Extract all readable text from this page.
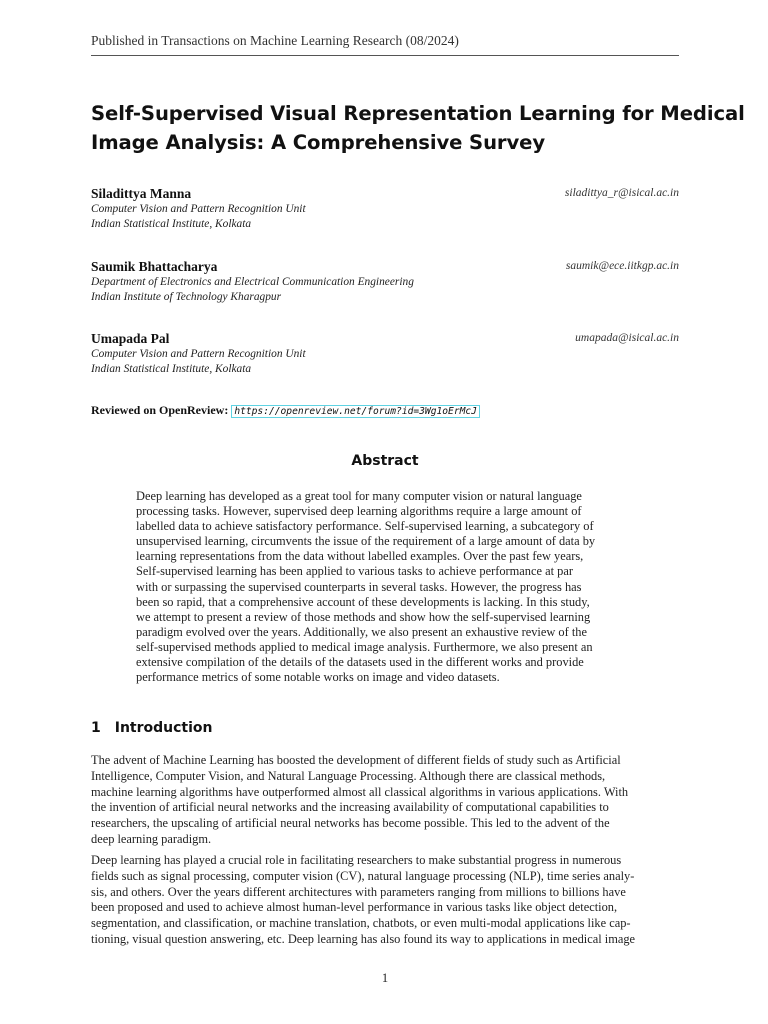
Published in Transactions on Machine Learning Research (08/2024)
Self-Supervised Visual Representation Learning for Medical
Image Analysis: A Comprehensive Survey
Siladittya Manna	siladittya_r@isical.ac.in
Computer Vision and Pattern Recognition Unit
Indian Statistical Institute, Kolkata
Saumik Bhattacharya	saumik@ece.iitkgp.ac.in
Department of Electronics and Electrical Communication Engineering
Indian Institute of Technology Kharagpur
Umapada Pal	umapada@isical.ac.in
Computer Vision and Pattern Recognition Unit
Indian Statistical Institute, Kolkata
Reviewed on OpenReview: https://openreview.net/forum?id=3Wg1oErMcJ
Abstract
Deep learning has developed as a great tool for many computer vision or natural language
processing tasks. However, supervised deep learning algorithms require a large amount of
labelled data to achieve satisfactory performance. Self-supervised learning, a subcategory of
unsupervised learning, circumvents the issue of the requirement of a large amount of data by
learning representations from the data without labelled examples. Over the past few years,
Self-supervised learning has been applied to various tasks to achieve performance at par
with or surpassing the supervised counterparts in several tasks. However, the progress has
been so rapid, that a comprehensive account of these developments is lacking. In this study,
we attempt to present a review of those methods and show how the self-supervised learning
paradigm evolved over the years. Additionally, we also present an exhaustive review of the
self-supervised methods applied to medical image analysis. Furthermore, we also present an
extensive compilation of the details of the datasets used in the different works and provide
performance metrics of some notable works on image and video datasets.
1 Introduction
The advent of Machine Learning has boosted the development of different fields of study such as Artificial
Intelligence, Computer Vision, and Natural Language Processing. Although there are classical methods,
machine learning algorithms have outperformed almost all classical algorithms in various applications. With
the invention of artificial neural networks and the increasing availability of computational capabilities to
researchers, the upscaling of artificial neural networks has become possible. This led to the advent of the
deep learning paradigm.
Deep learning has played a crucial role in facilitating researchers to make substantial progress in numerous
fields such as signal processing, computer vision (CV), natural language processing (NLP), time series analy-
sis, and others. Over the years different architectures with parameters ranging from millions to billions have
been proposed and used to achieve almost human-level performance in various tasks like object detection,
segmentation, and classification, or machine translation, chatbots, or even multi-modal applications like cap-
tioning, visual question answering, etc. Deep learning has also found its way to applications in medical image
1
